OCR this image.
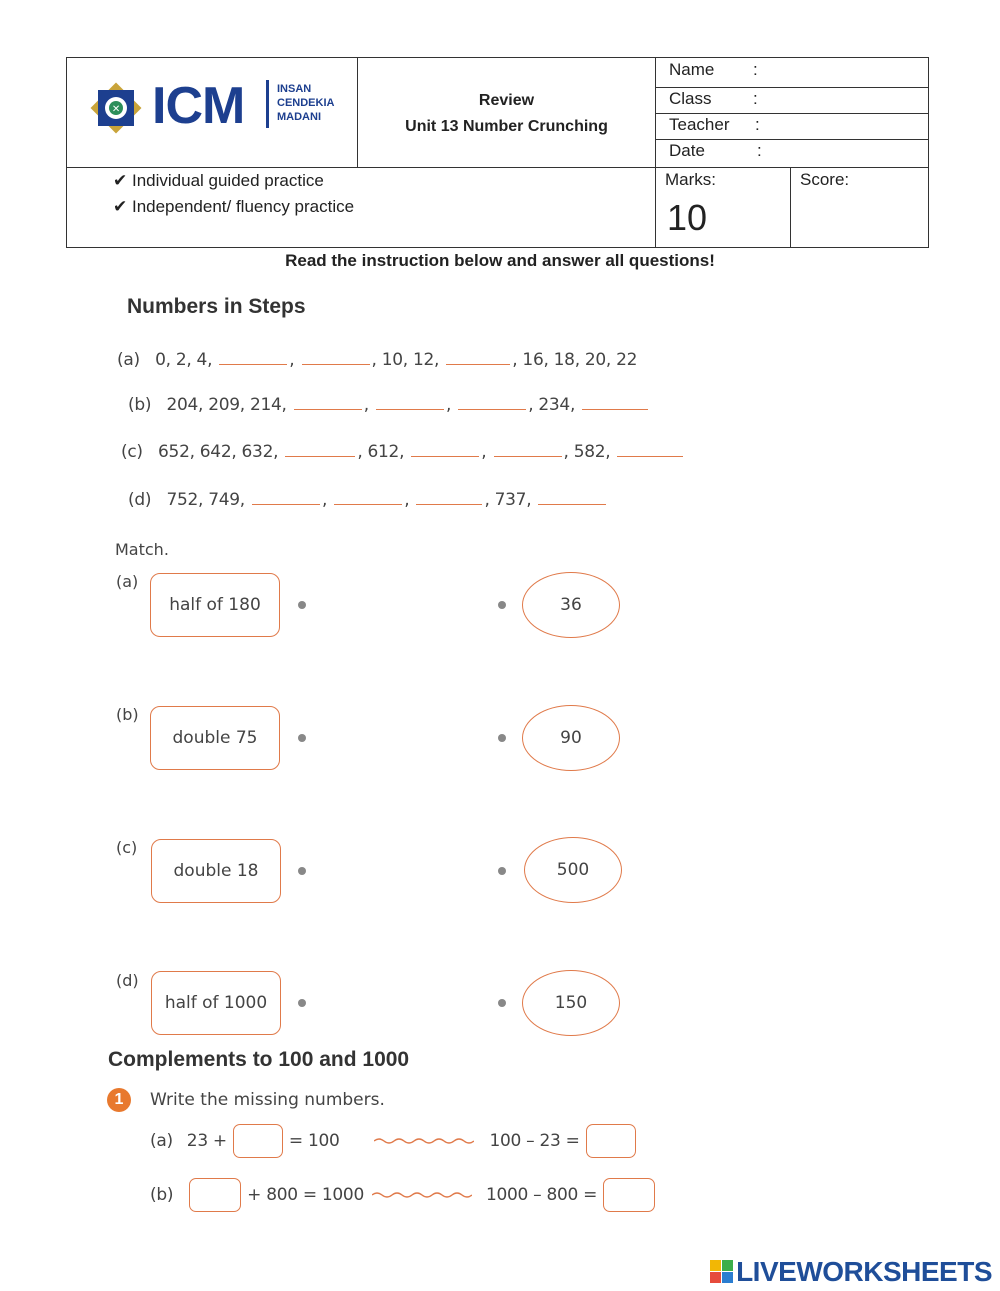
✕ ICM	INSAN
CENDEKIA
MADANI
Review
Unit 13 Number Crunching
Name :
Class :
Teacher :
Date	:
✔ Individual guided practice
✔ Independent/ fluency practice
Marks:
10
Score:
Read the instruction below and answer all questions!
Numbers in Steps
(a) 0, 2, 4,	,	, 10, 12,	, 16, 18, 20, 22
(b) 204, 209, 214,	,	,	, 234,
(c) 652, 642, 632,	, 612,	,	, 582,
(d) 752, 749,	,	,	, 737,
Match.
(a)
half of 180	36
(b)
double 75	90
(c)
double 18	500
(d)
half of 1000	150
Complements to 100 and 1000
1	Write the missing numbers.
(a) 23 +	= 100	100 – 23 =
(b)	+ 800 = 1000	1000 – 800 =
LIVEWORKSHEETS
